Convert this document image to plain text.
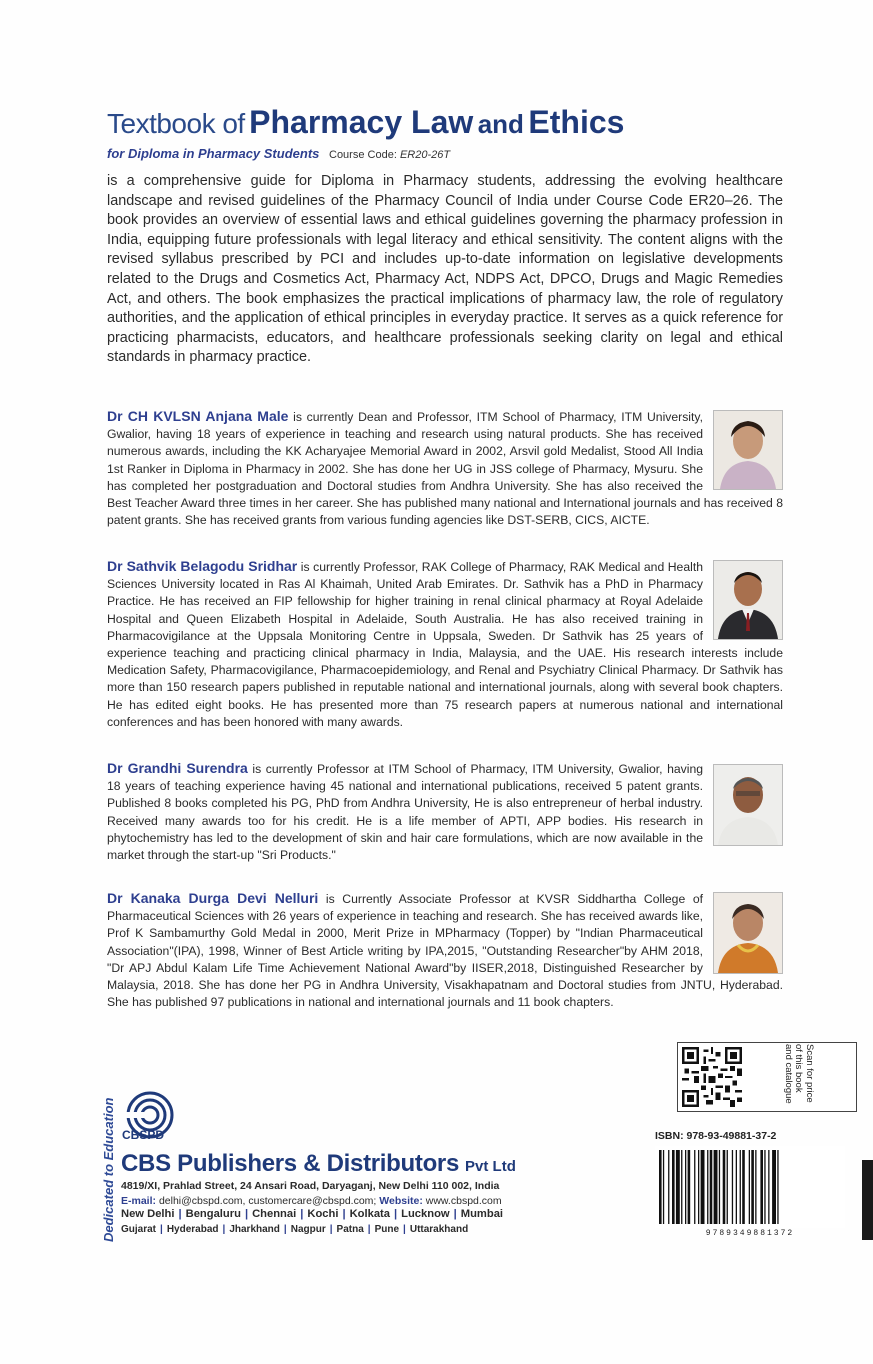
Textbook of Pharmacy Law and Ethics
for Diploma in Pharmacy Students Course Code: ER20-26T

is a comprehensive guide for Diploma in Pharmacy students, addressing the evolving healthcare landscape and revised guidelines of the Pharmacy Council of India under Course Code ER20–26. The book provides an overview of essential laws and ethical guidelines governing the pharmacy profession in India, equipping future professionals with legal literacy and ethical sensitivity. The content aligns with the revised syllabus prescribed by PCI and includes up-to-date information on legislative developments related to the Drugs and Cosmetics Act, Pharmacy Act, NDPS Act, DPCO, Drugs and Magic Remedies Act, and others. The book emphasizes the practical implications of pharmacy law, the role of regulatory authorities, and the application of ethical principles in everyday practice. It serves as a quick reference for practicing pharmacists, educators, and healthcare professionals seeking clarity on legal and ethical standards in pharmacy practice.

Dr CH KVLSN Anjana Male is currently Dean and Professor, ITM School of Pharmacy, ITM University, Gwalior, having 18 years of experience in teaching and research using natural products. She has received numerous awards, including the KK Acharyajee Memorial Award in 2002, Arsvil gold Medalist, Stood All India 1st Ranker in Diploma in Pharmacy in 2002. She has done her UG in JSS college of Pharmacy, Mysuru. She has completed her postgraduation and Doctoral studies from Andhra University. She has also received the Best Teacher Award three times in her career. She has published many national and International journals and has received 8 patent grants. She has received grants from various funding agencies like DST-SERB, CICS, AICTE.

Dr Sathvik Belagodu Sridhar is currently Professor, RAK College of Pharmacy, RAK Medical and Health Sciences University located in Ras Al Khaimah, United Arab Emirates. Dr. Sathvik has a PhD in Pharmacy Practice. He has received an FIP fellowship for higher training in renal clinical pharmacy at Royal Adelaide Hospital and Queen Elizabeth Hospital in Adelaide, South Australia. He has also received training in Pharmacovigilance at the Uppsala Monitoring Centre in Uppsala, Sweden. Dr Sathvik has 25 years of experience teaching and practicing clinical pharmacy in India, Malaysia, and the UAE. His research interests include Medication Safety, Pharmacovigilance, Pharmacoepidemiology, and Renal and Psychiatry Clinical Pharmacy. Dr Sathvik has more than 150 research papers published in reputable national and international journals, along with several book chapters. He has edited eight books. He has presented more than 75 research papers at numerous national and international conferences and has been honored with many awards.

Dr Grandhi Surendra is currently Professor at ITM School of Pharmacy, ITM University, Gwalior, having 18 years of teaching experience having 45 national and international publications, received 5 patent grants. Published 8 books completed his PG, PhD from Andhra University, He is also entrepreneur of herbal industry. Received many awards too for his credit. He is a life member of APTI, APP bodies. His research in phytochemistry has led to the development of skin and hair care formulations, which are now available in the market through the start-up "Sri Products."

Dr Kanaka Durga Devi Nelluri is Currently Associate Professor at KVSR Siddhartha College of Pharmaceutical Sciences with 26 years of experience in teaching and research. She has received awards like, Prof K Sambamurthy Gold Medal in 2000, Merit Prize in MPharmacy (Topper) by "Indian Pharmaceutical Association"(IPA), 1998, Winner of Best Article writing by IPA,2015, "Outstanding Researcher"by AHM 2018, "Dr APJ Abdul Kalam Life Time Achievement National Award"by IISER,2018, Distinguished Researcher by Malaysia, 2018. She has done her PG in Andhra University, Visakhapatnam and Doctoral studies from JNTU, Hyderabad. She has published 97 publications in national and international journals and 11 book chapters.

Scan for price of this book and catalogue
ISBN: 978-93-49881-37-2
9789349881372
Dedicated to Education CBSPD
CBS Publishers & Distributors Pvt Ltd
4819/XI, Prahlad Street, 24 Ansari Road, Daryaganj, New Delhi 110 002, India
E-mail: delhi@cbspd.com, customercare@cbspd.com; Website: www.cbspd.com
New Delhi | Bengaluru | Chennai | Kochi | Kolkata | Lucknow | Mumbai
Gujarat | Hyderabad | Jharkhand | Nagpur | Patna | Pune | Uttarakhand
